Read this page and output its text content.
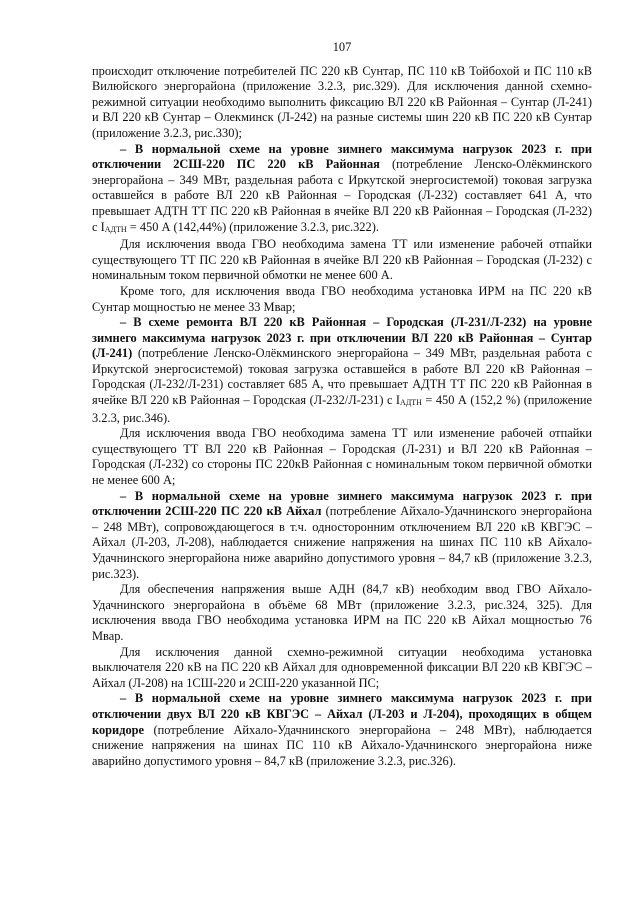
107

происходит отключение потребителей ПС 220 кВ Сунтар, ПС 110 кВ Тойбохой и ПС 110 кВ Вилюйского энергорайона (приложение 3.2.3, рис.329). Для исключения данной схемно-режимной ситуации необходимо выполнить фиксацию ВЛ 220 кВ Районная – Сунтар (Л-241) и ВЛ 220 кВ Сунтар – Олекминск (Л-242) на разные системы шин 220 кВ ПС 220 кВ Сунтар (приложение 3.2.3, рис.330);

– В нормальной схеме на уровне зимнего максимума нагрузок 2023 г. при отключении 2СШ-220 ПС 220 кВ Районная (потребление Ленско-Олёкминского энергорайона – 349 МВт, раздельная работа с Иркутской энергосистемой) токовая загрузка оставшейся в работе ВЛ 220 кВ Районная – Городская (Л-232) составляет 641 А, что превышает АДТН ТТ ПС 220 кВ Районная в ячейке ВЛ 220 кВ Районная – Городская (Л-232) с IАДТН = 450 А (142,44%) (приложение 3.2.3, рис.322).

Для исключения ввода ГВО необходима замена ТТ или изменение рабочей отпайки существующего ТТ ПС 220 кВ Районная в ячейке ВЛ 220 кВ Районная – Городская (Л-232) с номинальным током первичной обмотки не менее 600 А.

Кроме того, для исключения ввода ГВО необходима установка ИРМ на ПС 220 кВ Сунтар мощностью не менее 33 Мвар;

– В схеме ремонта ВЛ 220 кВ Районная – Городская (Л-231/Л-232) на уровне зимнего максимума нагрузок 2023 г. при отключении ВЛ 220 кВ Районная – Сунтар (Л-241) (потребление Ленско-Олёкминского энергорайона – 349 МВт, раздельная работа с Иркутской энергосистемой) токовая загрузка оставшейся в работе ВЛ 220 кВ Районная – Городская (Л-232/Л-231) составляет 685 А, что превышает АДТН ТТ ПС 220 кВ Районная в ячейке ВЛ 220 кВ Районная – Городская (Л-232/Л-231) с IАДТН = 450 А (152,2 %) (приложение 3.2.3, рис.346).

Для исключения ввода ГВО необходима замена ТТ или изменение рабочей отпайки существующего ТТ ВЛ 220 кВ Районная – Городская (Л-231) и ВЛ 220 кВ Районная – Городская (Л-232) со стороны ПС 220кВ Районная с номинальным током первичной обмотки не менее 600 А;

– В нормальной схеме на уровне зимнего максимума нагрузок 2023 г. при отключении 2СШ-220 ПС 220 кВ Айхал (потребление Айхало-Удачнинского энергорайона – 248 МВт), сопровождающегося в т.ч. односторонним отключением ВЛ 220 кВ КВГЭС – Айхал (Л-203, Л-208), наблюдается снижение напряжения на шинах ПС 110 кВ Айхало-Удачнинского энергорайона ниже аварийно допустимого уровня – 84,7 кВ (приложение 3.2.3, рис.323).

Для обеспечения напряжения выше АДН (84,7 кВ) необходим ввод ГВО Айхало-Удачнинского энергорайона в объёме 68 МВт (приложение 3.2.3, рис.324, 325). Для исключения ввода ГВО необходима установка ИРМ на ПС 220 кВ Айхал мощностью 76 Мвар.

Для исключения данной схемно-режимной ситуации необходима установка выключателя 220 кВ на ПС 220 кВ Айхал для одновременной фиксации ВЛ 220 кВ КВГЭС – Айхал (Л-208) на 1СШ-220 и 2СШ-220 указанной ПС;

– В нормальной схеме на уровне зимнего максимума нагрузок 2023 г. при отключении двух ВЛ 220 кВ КВГЭС – Айхал (Л-203 и Л-204), проходящих в общем коридоре (потребление Айхало-Удачнинского энергорайона – 248 МВт), наблюдается снижение напряжения на шинах ПС 110 кВ Айхало-Удачнинского энергорайона ниже аварийно допустимого уровня – 84,7 кВ (приложение 3.2.3, рис.326).
